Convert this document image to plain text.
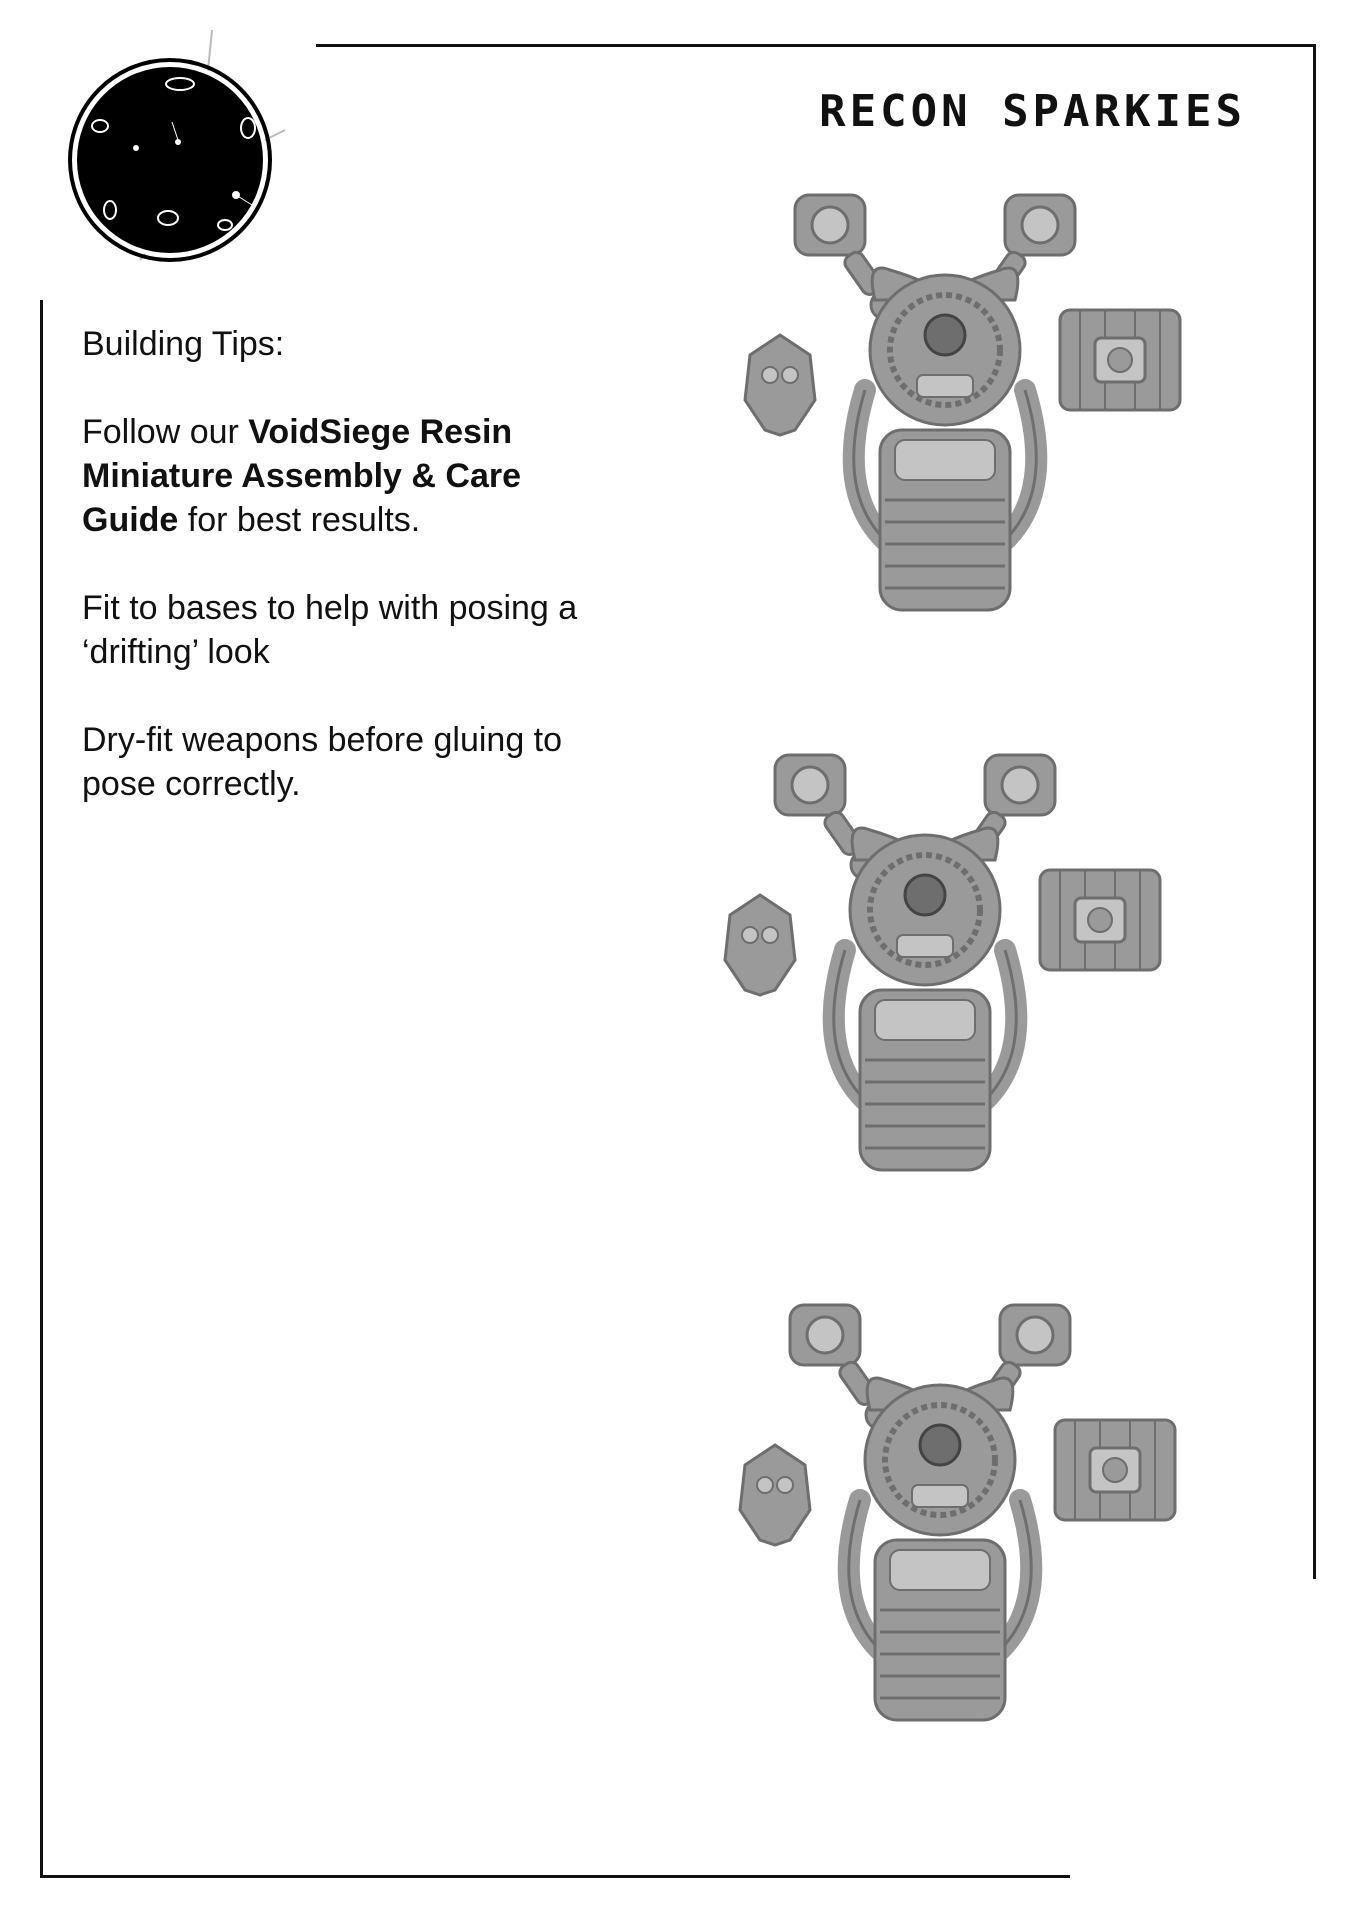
RECON SPARKIES

Building Tips:

Follow our VoidSiege Resin Miniature Assembly & Care Guide for best results.

Fit to bases to help with posing a ‘drifting’ look

Dry-fit weapons before gluing to pose correctly.
